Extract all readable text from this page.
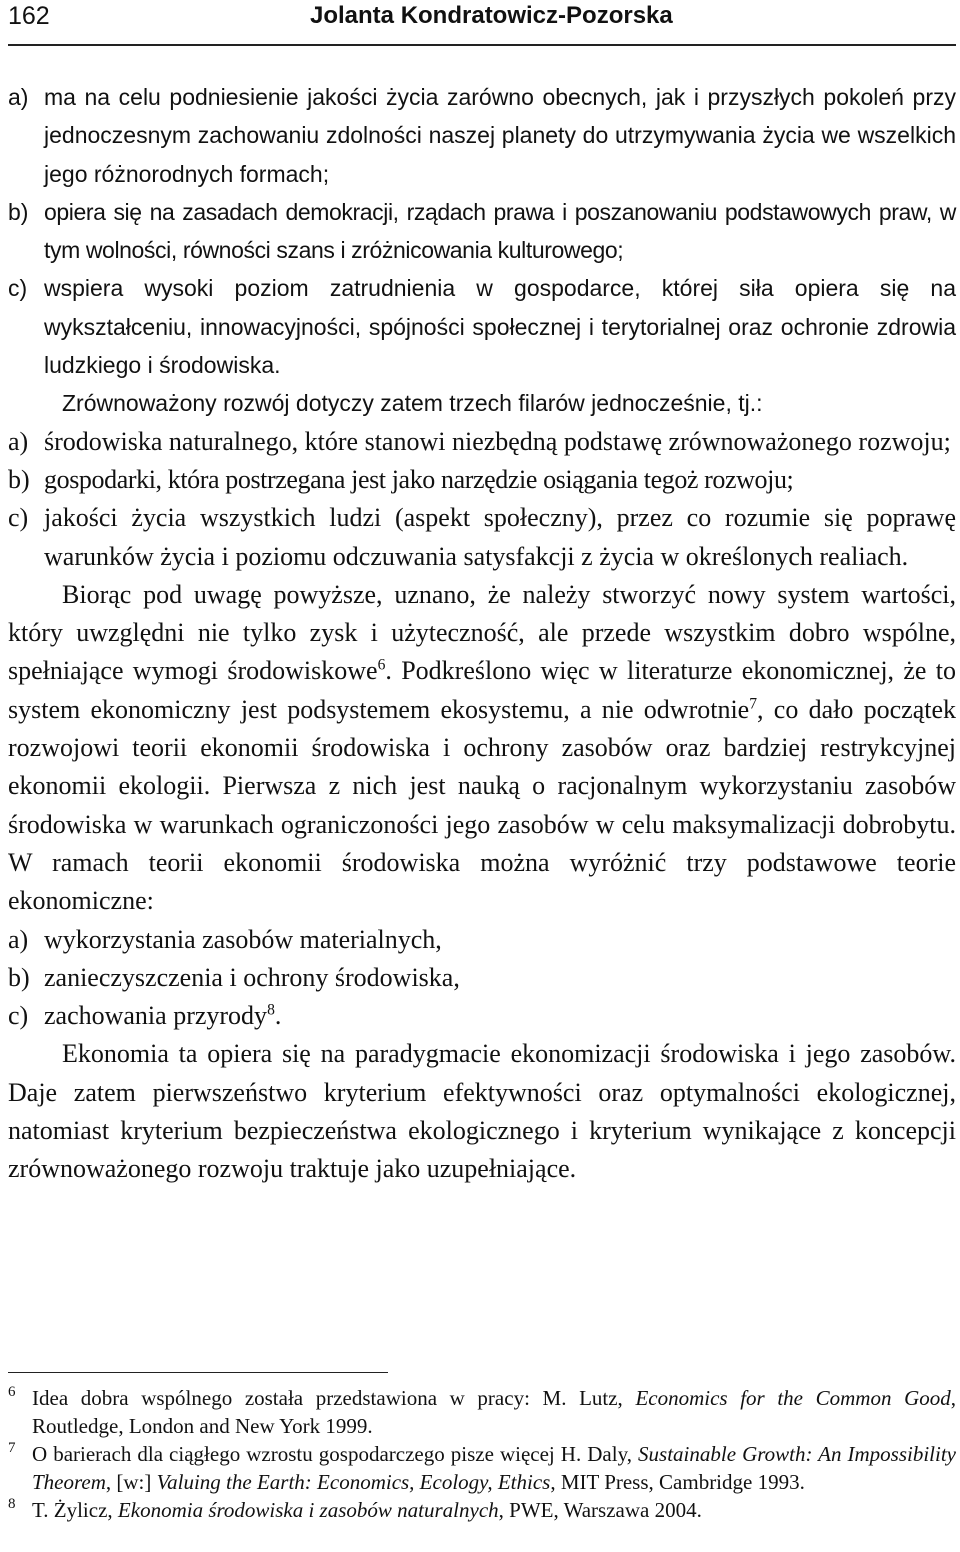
162	Jolanta Kondratowicz-Pozorska
a) ma na celu podniesienie jakości życia zarówno obecnych, jak i przyszłych pokoleń przy jednoczesnym zachowaniu zdolności naszej planety do utrzymywania życia we wszelkich jego różnorodnych formach;
b) opiera się na zasadach demokracji, rządach prawa i poszanowaniu podstawowych praw, w tym wolności, równości szans i zróżnicowania kulturowego;
c) wspiera wysoki poziom zatrudnienia w gospodarce, której siła opiera się na wykształceniu, innowacyjności, spójności społecznej i terytorialnej oraz ochronie zdrowia ludzkiego i środowiska.
Zrównoważony rozwój dotyczy zatem trzech filarów jednocześnie, tj.:
a) środowiska naturalnego, które stanowi niezbędną podstawę zrównoważonego rozwoju;
b) gospodarki, która postrzegana jest jako narzędzie osiągania tegoż rozwoju;
c) jakości życia wszystkich ludzi (aspekt społeczny), przez co rozumie się poprawę warunków życia i poziomu odczuwania satysfakcji z życia w określonych realiach.

Biorąc pod uwagę powyższe, uznano, że należy stworzyć nowy system wartości, który uwzględni nie tylko zysk i użyteczność, ale przede wszystkim dobro wspólne, spełniające wymogi środowiskowe$^6$. Podkreślono więc w literaturze ekonomicznej, że to system ekonomiczny jest podsystemem ekosystemu, a nie odwrotnie$^7$, co dało początek rozwojowi teorii ekonomii środowiska i ochrony zasobów oraz bardziej restrykcyjnej ekonomii ekologii. Pierwsza z nich jest nauką o racjonalnym wykorzystaniu zasobów środowiska w warunkach ograniczoności jego zasobów w celu maksymalizacji dobrobytu. W ramach teorii ekonomii środowiska można wyróżnić trzy podstawowe teorie ekonomiczne:

a) wykorzystania zasobów materialnych,
b) zanieczyszczenia i ochrony środowiska,
c) zachowania przyrody$^8$.

Ekonomia ta opiera się na paradygmacie ekonomizacji środowiska i jego zasobów. Daje zatem pierwszeństwo kryterium efektywności oraz optymalności ekologicznej, natomiast kryterium bezpieczeństwa ekologicznego i kryterium wynikające z koncepcji zrównoważonego rozwoju traktuje jako uzupełniające.

6 Idea dobra wspólnego została przedstawiona w pracy: M. Lutz, Economics for the Common Good, Routledge, London and New York 1999.
7 O barierach dla ciągłego wzrostu gospodarczego pisze więcej H. Daly, Sustainable Growth: An Impossibility Theorem, [w:] Valuing the Earth: Economics, Ecology, Ethics, MIT Press, Cambridge 1993.
8 T. Żylicz, Ekonomia środowiska i zasobów naturalnych, PWE, Warszawa 2004.
